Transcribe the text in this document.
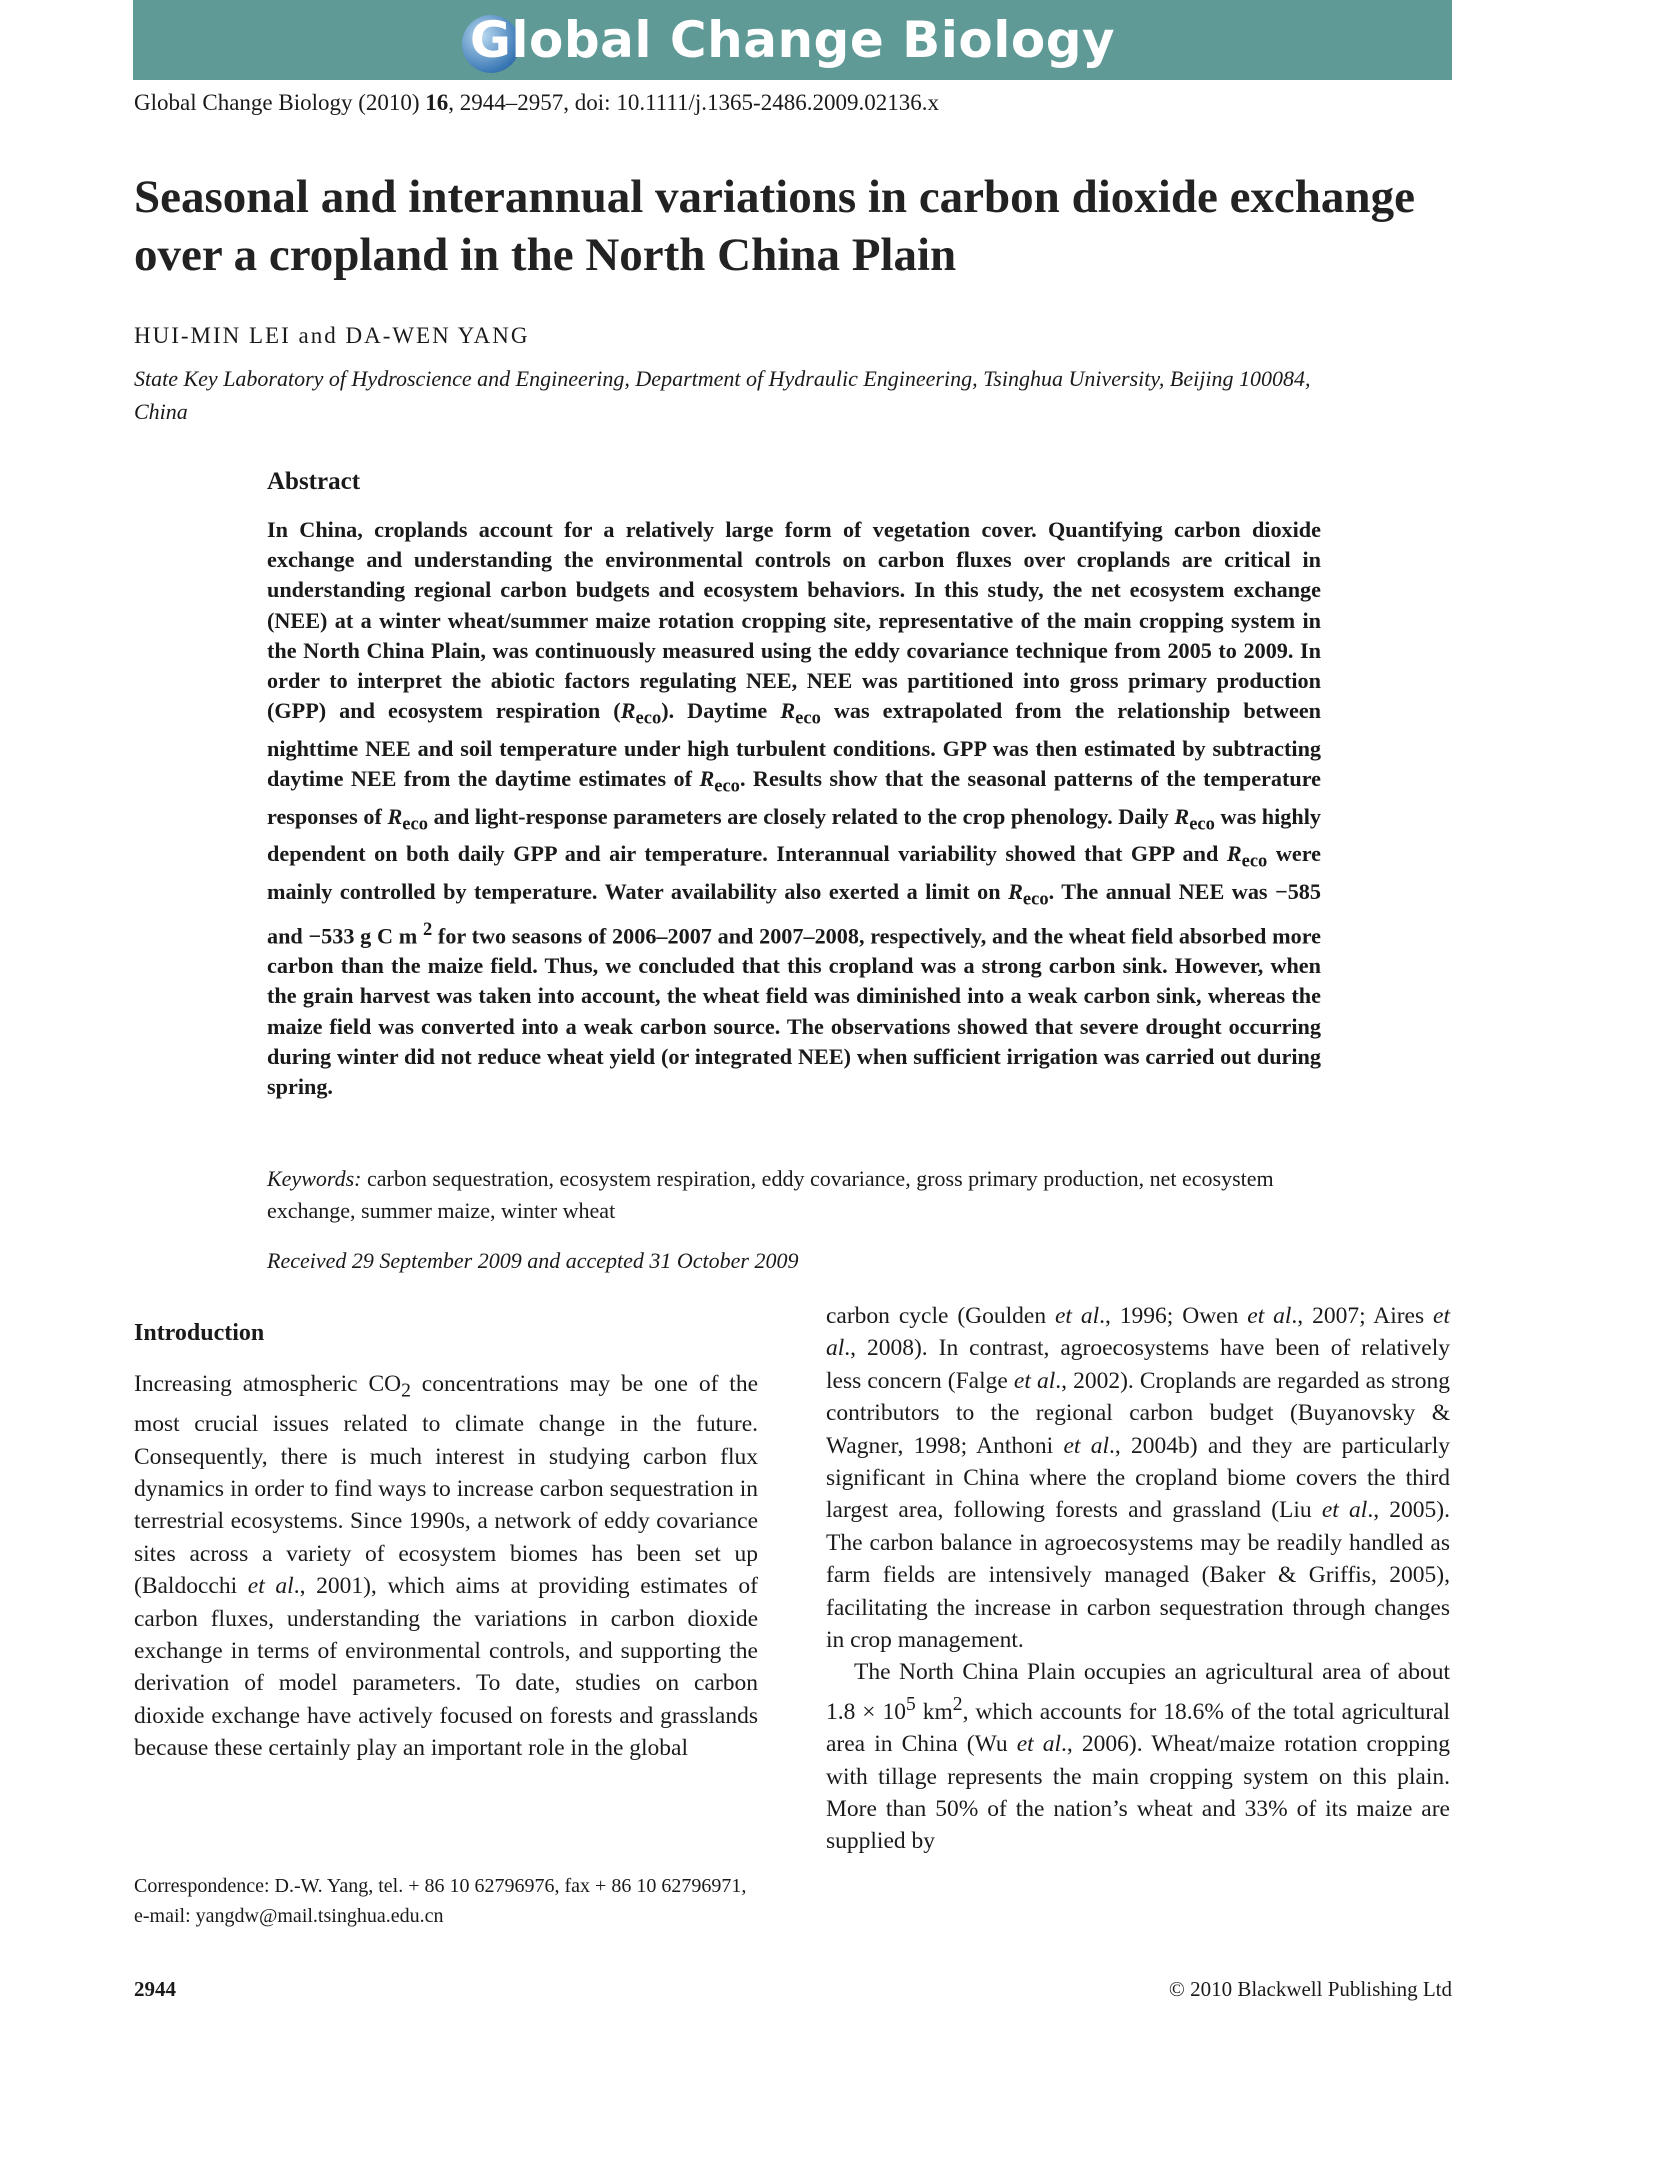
Global Change Biology
Global Change Biology (2010) 16, 2944–2957, doi: 10.1111/j.1365-2486.2009.02136.x
Seasonal and interannual variations in carbon dioxide exchange over a cropland in the North China Plain
HUI-MIN LEI and DA-WEN YANG
State Key Laboratory of Hydroscience and Engineering, Department of Hydraulic Engineering, Tsinghua University, Beijing 100084, China
Abstract

In China, croplands account for a relatively large form of vegetation cover. Quantifying carbon dioxide exchange and understanding the environmental controls on carbon fluxes over croplands are critical in understanding regional carbon budgets and ecosystem behaviors. In this study, the net ecosystem exchange (NEE) at a winter wheat/summer maize rotation cropping site, representative of the main cropping system in the North China Plain, was continuously measured using the eddy covariance technique from 2005 to 2009. In order to interpret the abiotic factors regulating NEE, NEE was partitioned into gross primary production (GPP) and ecosystem respiration $(R_{eco})$. Daytime $R_{eco}$ was extrapolated from the relationship between nighttime NEE and soil temperature under high turbulent conditions. GPP was then estimated by subtracting daytime NEE from the daytime estimates of $R_{eco}$. Results show that the seasonal patterns of the temperature responses of $R_{eco}$ and light-response parameters are closely related to the crop phenology. Daily $R_{eco}$ was highly dependent on both daily GPP and air temperature. Interannual variability showed that GPP and $R_{eco}$ were mainly controlled by temperature. Water availability also exerted a limit on $R_{eco}$. The annual NEE was −585 and −533 g C m $^2$ for two seasons of 2006–2007 and 2007–2008, respectively, and the wheat field absorbed more carbon than the maize field. Thus, we concluded that this cropland was a strong carbon sink. However, when the grain harvest was taken into account, the wheat field was diminished into a weak carbon sink, whereas the maize field was converted into a weak carbon source. The observations showed that severe drought occurring during winter did not reduce wheat yield (or integrated NEE) when sufficient irrigation was carried out during spring.

Keywords: carbon sequestration, ecosystem respiration, eddy covariance, gross primary production, net ecosystem exchange, summer maize, winter wheat
Received 29 September 2009 and accepted 31 October 2009
Introduction

Increasing atmospheric $CO_2$ concentrations may be one of the most crucial issues related to climate change in the future. Consequently, there is much interest in studying carbon flux dynamics in order to find ways to increase carbon sequestration in terrestrial ecosystems. Since 1990s, a network of eddy covariance sites across a variety of ecosystem biomes has been set up (Baldocchi et al., 2001), which aims at providing estimates of carbon fluxes, understanding the variations in carbon dioxide exchange in terms of environmental controls, and supporting the derivation of model parameters. To date, studies on carbon dioxide exchange have actively focused on forests and grasslands because these certainly play an important role in the global

carbon cycle (Goulden et al., 1996; Owen et al., 2007; Aires et al., 2008). In contrast, agroecosystems have been of relatively less concern (Falge et al., 2002). Croplands are regarded as strong contributors to the regional carbon budget (Buyanovsky & Wagner, 1998; Anthoni et al., 2004b) and they are particularly significant in China where the cropland biome covers the third largest area, following forests and grassland (Liu et al., 2005). The carbon balance in agroecosystems may be readily handled as farm fields are intensively managed (Baker & Griffis, 2005), facilitating the increase in carbon sequestration through changes in crop management.

The North China Plain occupies an agricultural area of about $1.8 \times 10^5$ $km^2$, which accounts for 18.6% of the total agricultural area in China (Wu et al., 2006). Wheat/maize rotation cropping with tillage represents the main cropping system on this plain. More than 50% of the nation’s wheat and 33% of its maize are supplied by

Correspondence: D.-W. Yang, tel. + 86 10 62796976, fax + 86 10 62796971, e-mail: yangdw@mail.tsinghua.edu.cn
2944	© 2010 Blackwell Publishing Ltd
